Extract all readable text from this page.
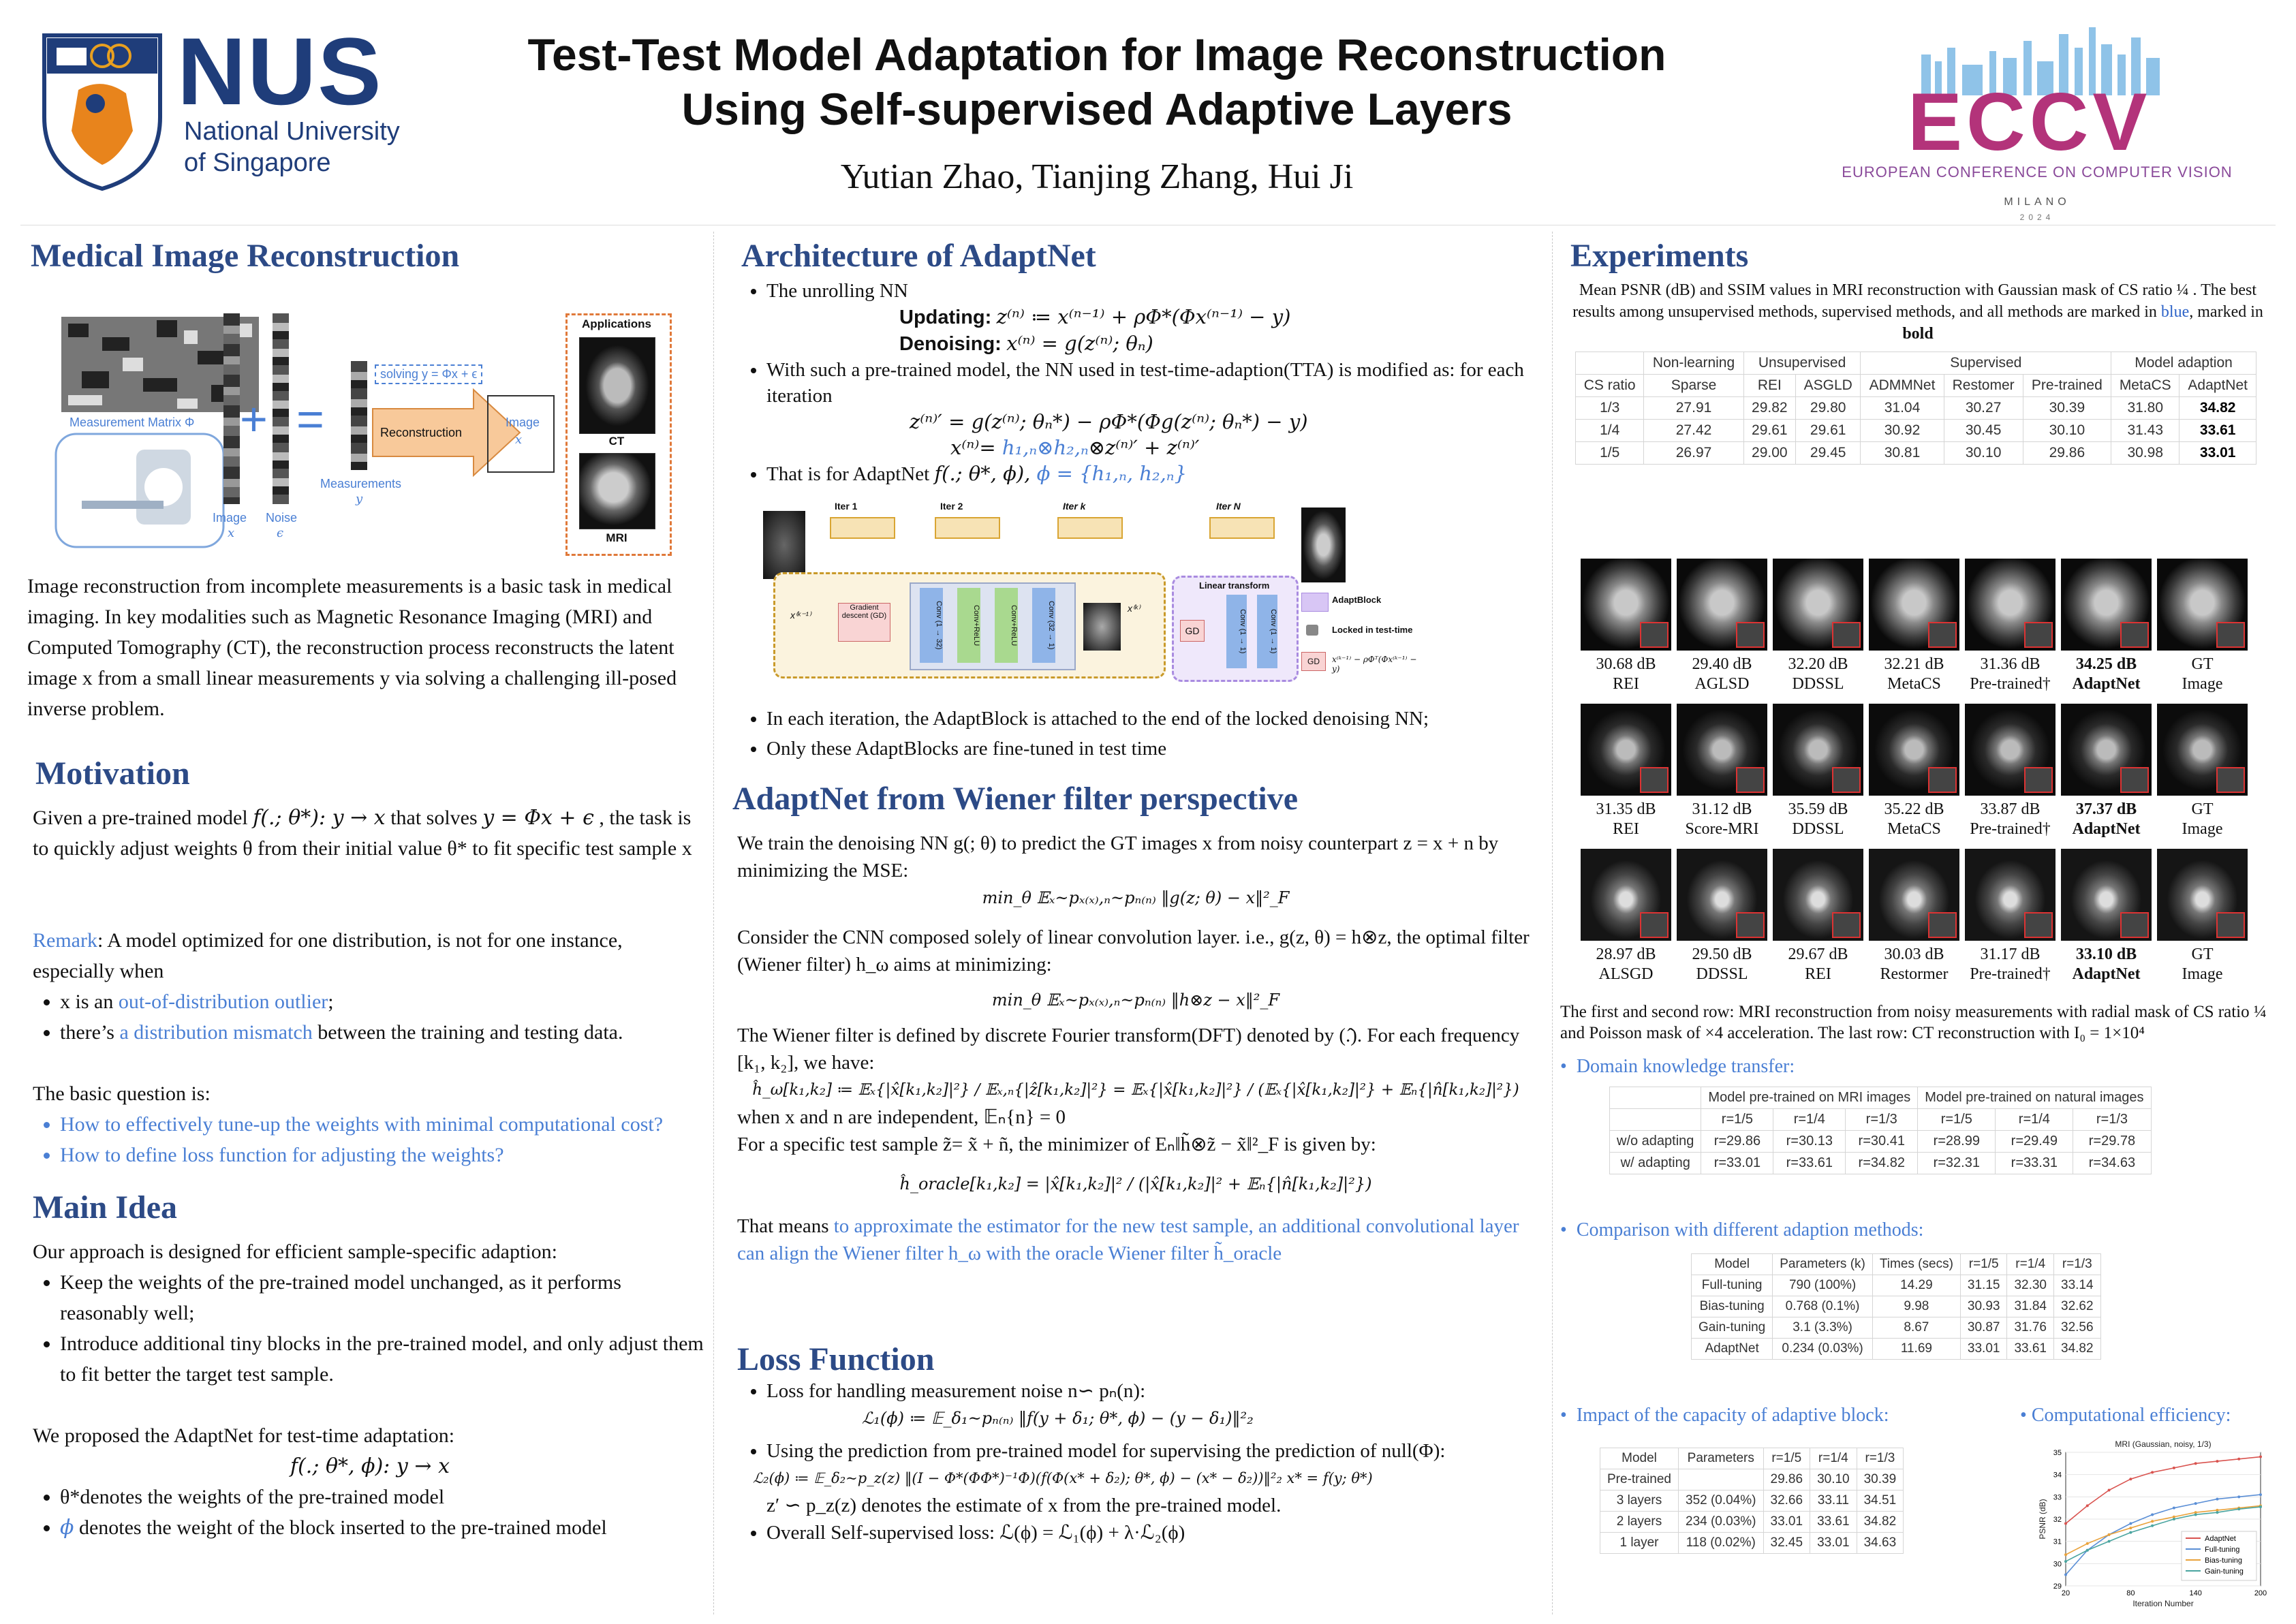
NUS
National University
of Singapore
Test-Test Model Adaptation for Image Reconstruction
Using Self-supervised Adaptive Layers
Yutian Zhao, Tianjing Zhang, Hui Ji
ECCV
EUROPEAN CONFERENCE ON COMPUTER VISION
MILANO
2024
Medical Image Reconstruction
Measurement Matrix Φ
Image
x
+
Noise
ϵ
=
Measurements
y
solving y = Φx + ϵ
Reconstruction
Image
x
Applications
CT
MRI
Image reconstruction from incomplete measurements is a basic task in medical imaging. In key modalities such as Magnetic Resonance Imaging (MRI) and Computed Tomography (CT), the reconstruction process reconstructs the latent image x from a small linear measurements y via solving a challenging ill-posed inverse problem.
Motivation
Given a pre-trained model f(.; θ*): y → x that solves y = Φx + ϵ , the task is to quickly adjust weights θ from their initial value θ* to fit specific test sample x
Remark: A model optimized for one distribution, is not for one instance, especially when
• x is an out-of-distribution outlier;
• there’s a distribution mismatch between the training and testing data.
The basic question is:
• How to effectively tune-up the weights with minimal computational cost?
• How to define loss function for adjusting the weights?
Main Idea
Our approach is designed for efficient sample-specific adaption:
• Keep the weights of the pre-trained model unchanged, as it performs reasonably well;
• Introduce additional tiny blocks in the pre-trained model, and only adjust them to fit better the target test sample.
We proposed the AdaptNet for test-time adaptation:
f(.; θ*, ϕ): y → x
• θ*denotes the weights of the pre-trained model
• ϕ denotes the weight of the block inserted to the pre-trained model
Architecture of AdaptNet
• The unrolling NN
Updating: z⁽ⁿ⁾ ≔ x⁽ⁿ⁻¹⁾ + ρΦ*(Φx⁽ⁿ⁻¹⁾ − y)
Denoising: x⁽ⁿ⁾ = g(z⁽ⁿ⁾; θₙ)
• With such a pre-trained model, the NN used in test-time-adaption(TTA) is modified as: for each iteration
z⁽ⁿ⁾′ = g(z⁽ⁿ⁾; θₙ*) − ρΦ*(Φg(z⁽ⁿ⁾; θₙ*) − y)
x⁽ⁿ⁾= h₁,ₙ⊗h₂,ₙ⊗z⁽ⁿ⁾′ + z⁽ⁿ⁾′
• That is for AdaptNet f(.; θ*, ϕ), ϕ = {h₁,ₙ, h₂,ₙ}
Iter 1	Iter 2	Iter k	Iter N
x⁽ᵏ⁻¹⁾
Gradient descent (GD)	Conv (1 → 32)	Conv+ReLU	Conv+ReLU	Conv (32 → 1)	x⁽ᵏ⁾
Linear transform
GD	Conv (1 → 1)	Conv (1 → 1)
AdaptBlock
Locked in test-time
GD	x⁽ᵏ⁻¹⁾ − ρΦᵀ(Φx⁽ᵏ⁻¹⁾ − y)
• In each iteration, the AdaptBlock is attached to the end of the locked denoising NN;
• Only these AdaptBlocks are fine-tuned in test time
AdaptNet from Wiener filter perspective
We train the denoising NN g(; θ) to predict the GT images x from noisy counterpart z = x + n by minimizing the MSE:
min_θ 𝔼ₓ~pₓ₍ₓ₎,ₙ~pₙ₍ₙ₎ ‖g(z; θ) − x‖²_F
Consider the CNN composed solely of linear convolution layer. i.e., g(z, θ) = h⊗z, the optimal filter (Wiener filter) h_ω aims at minimizing:
min_θ 𝔼ₓ~pₓ₍ₓ₎,ₙ~pₙ₍ₙ₎ ‖h⊗z − x‖²_F
The Wiener filter is defined by discrete Fourier transform(DFT) denoted by (.̂). For each frequency [k₁, k₂], we have:
ĥ_ω[k₁,k₂] ≔ 𝔼ₓ{|x̂[k₁,k₂]|²} / 𝔼ₓ,ₙ{|ẑ[k₁,k₂]|²} = 𝔼ₓ{|x̂[k₁,k₂]|²} / (𝔼ₓ{|x̂[k₁,k₂]|²} + 𝔼ₙ{|n̂[k₁,k₂]|²})
when x and n are independent, 𝔼ₙ{n} = 0
For a specific test sample z̃= x̃ + ñ, the minimizer of Eₙ‖h̃⊗z̃ − x̃‖²_F is given by:
ĥ_oracle[k₁,k₂] = |x̂[k₁,k₂]|² / (|x̂[k₁,k₂]|² + 𝔼ₙ{|n̂[k₁,k₂]|²})
That means to approximate the estimator for the new test sample, an additional convolutional layer can align the Wiener filter h_ω with the oracle Wiener filter h̃_oracle
Loss Function
• Loss for handling measurement noise n∽ pₙ(n):
ℒ₁(ϕ) ≔ 𝔼_δ₁~pₙ₍ₙ₎ ‖f(y + δ₁; θ*, ϕ) − (y − δ₁)‖²₂
• Using the prediction from pre-trained model for supervising the prediction of null(Φ):
ℒ₂(ϕ) ≔ 𝔼_δ₂~p_z(z) ‖(I − Φ*(ΦΦ*)⁻¹Φ)(f(Φ(x* + δ₂); θ*, ϕ) − (x* − δ₂))‖²₂ x* = f(y; θ*)
z′ ∽ p_z(z) denotes the estimate of x from the pre-trained model.
• Overall Self-supervised loss: ℒ(ϕ) = ℒ₁(ϕ) + λ·ℒ₂(ϕ)
Experiments
Mean PSNR (dB) and SSIM values in MRI reconstruction with Gaussian mask of CS ratio ¼ . The best results among unsupervised methods, supervised methods, and all methods are marked in blue, marked in bold
	Non-learning	Unsupervised		Supervised			Model adaption	
CS ratio	Sparse	REI	ASGLD	ADMMNet	Restomer	Pre-trained	MetaCS	AdaptNet
1/3	27.91	29.82	29.80	31.04	30.27	30.39	31.80	34.82
1/4	27.42	29.61	29.61	30.92	30.45	30.10	31.43	33.61
1/5	26.97	29.00	29.45	30.81	30.10	29.86	30.98	33.01
30.68 dB
REI
29.40 dB
AGLSD
32.20 dB
DDSSL
32.21 dB
MetaCS
31.36 dB
Pre-trained†
34.25 dB
AdaptNet
GT
Image
31.35 dB
REI
31.12 dB
Score-MRI
35.59 dB
DDSSL
35.22 dB
MetaCS
33.87 dB
Pre-trained†
37.37 dB
AdaptNet
GT
Image
28.97 dB
ALSGD
29.50 dB
DDSSL
29.67 dB
REI
30.03 dB
Restormer
31.17 dB
Pre-trained†
33.10 dB
AdaptNet
GT
Image
The first and second row: MRI reconstruction from noisy measurements with radial mask of CS ratio ¼ and Poisson mask of ×4 acceleration. The last row: CT reconstruction with I₀ = 1×10⁴
•  Domain knowledge transfer:
	Model pre-trained on MRI images			Model pre-trained on natural images		
	r=1/5	r=1/4	r=1/3	r=1/5	r=1/4	r=1/3
w/o adapting	r=29.86	r=30.13	r=30.41	r=28.99	r=29.49	r=29.78
w/ adapting	r=33.01	r=33.61	r=34.82	r=32.31	r=33.31	r=34.63
•  Comparison with different adaption methods:
Model	Parameters (k)	Times (secs)	r=1/5	r=1/4	r=1/3
Full-tuning	790 (100%)	14.29	31.15	32.30	33.14
Bias-tuning	0.768 (0.1%)	9.98	30.93	31.84	32.62
Gain-tuning	3.1 (3.3%)	8.67	30.87	31.76	32.56
AdaptNet	0.234 (0.03%)	11.69	33.01	33.61	34.82
•  Impact of the capacity of adaptive block:
Model	Parameters	r=1/5	r=1/4	r=1/3
Pre-trained		29.86	30.10	30.39
3 layers	352 (0.04%)	32.66	33.11	34.51
2 layers	234 (0.03%)	33.01	33.61	34.82
1 layer	118 (0.02%)	32.45	33.01	34.63
• Computational efficiency:
MRI (Gaussian, noisy, 1/3)
29
30
31
32
33
34
35
20	80	140	200
AdaptNet
Full-tuning
Bias-tuning
Gain-tuning
Iteration Number
PSNR (dB)
